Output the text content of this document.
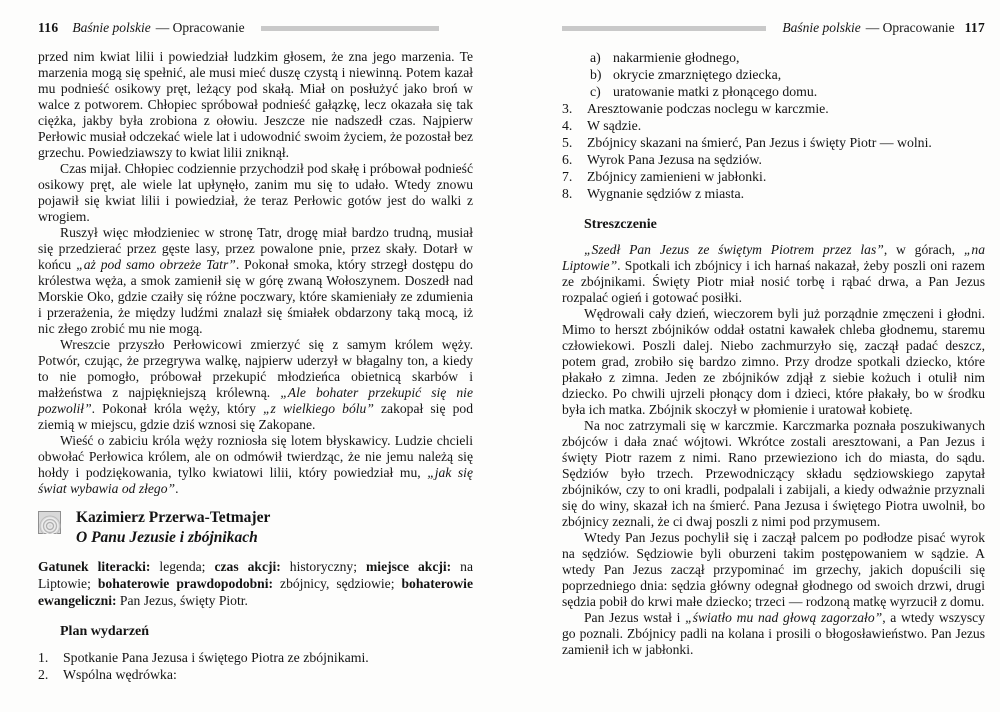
116 Baśnie polskie — Opracowanie

przed nim kwiat lilii i powiedział ludzkim głosem, że zna jego marzenia. Te marzenia mogą się spełnić, ale musi mieć duszę czystą i niewinną. Potem kazał mu podnieść osikowy pręt, leżący pod skałą. Miał on posłużyć jako broń w walce z potworem. Chłopiec spróbował podnieść gałązkę, lecz okazała się tak ciężka, jakby była zrobiona z ołowiu. Jeszcze nie nadszedł czas. Najpierw Perłowic musiał odczekać wiele lat i udowodnić swoim życiem, że pozostał bez grzechu. Powiedziawszy to kwiat lilii zniknął.

Czas mijał. Chłopiec codziennie przychodził pod skałę i próbował podnieść osikowy pręt, ale wiele lat upłynęło, zanim mu się to udało. Wtedy znowu pojawił się kwiat lilii i powiedział, że teraz Perłowic gotów jest do walki z wrogiem.

Ruszył więc młodzieniec w stronę Tatr, drogę miał bardzo trudną, musiał się przedzierać przez gęste lasy, przez powalone pnie, przez skały. Dotarł w końcu „aż pod samo obrzeże Tatr”. Pokonał smoka, który strzegł dostępu do królestwa węża, a smok zamienił się w górę zwaną Wołoszynem. Doszedł nad Morskie Oko, gdzie czaiły się różne poczwary, które skamieniały ze zdumienia i przerażenia, że między ludźmi znalazł się śmiałek obdarzony taką mocą, iż nic złego zrobić mu nie mogą.

Wreszcie przyszło Perłowicowi zmierzyć się z samym królem węży. Potwór, czując, że przegrywa walkę, najpierw uderzył w błagalny ton, a kiedy to nie pomogło, próbował przekupić młodzieńca obietnicą skarbów i małżeństwa z najpiękniejszą królewną. „Ale bohater przekupić się nie pozwolił”. Pokonał króla węży, który „z wielkiego bólu” zakopał się pod ziemią w miejscu, gdzie dziś wznosi się Zakopane.

Wieść o zabiciu króla węży rozniosła się lotem błyskawicy. Ludzie chcieli obwołać Perłowica królem, ale on odmówił twierdząc, że nie jemu należą się hołdy i podziękowania, tylko kwiatowi lilii, który powiedział mu, „jak się świat wybawia od złego”.

Kazimierz Przerwa-Tetmajer
O Panu Jezusie i zbójnikach

Gatunek literacki: legenda; czas akcji: historyczny; miejsce akcji: na Liptowie; bohaterowie prawdopodobni: zbójnicy, sędziowie; bohaterowie ewangeliczni: Pan Jezus, święty Piotr.

Plan wydarzeń
1.	Spotkanie Pana Jezusa i świętego Piotra ze zbójnikami.
2.	Wspólna wędrówka:
Baśnie polskie — Opracowanie 117
a) nakarmienie głodnego,
b) okrycie zmarzniętego dziecka,
c) uratowanie matki z płonącego domu.
3.	Aresztowanie podczas noclegu w karczmie.
4.	W sądzie.
5.	Zbójnicy skazani na śmierć, Pan Jezus i święty Piotr — wolni.
6.	Wyrok Pana Jezusa na sędziów.
7.	Zbójnicy zamienieni w jabłonki.
8.	Wygnanie sędziów z miasta.
Streszczenie

„Szedł Pan Jezus ze świętym Piotrem przez las”, w górach, „na Liptowie”. Spotkali ich zbójnicy i ich harnaś nakazał, żeby poszli oni razem ze zbójnikami. Święty Piotr miał nosić torbę i rąbać drwa, a Pan Jezus rozpalać ogień i gotować posiłki.

Wędrowali cały dzień, wieczorem byli już porządnie zmęczeni i głodni. Mimo to herszt zbójników oddał ostatni kawałek chleba głodnemu, staremu człowiekowi. Poszli dalej. Niebo zachmurzyło się, zaczął padać deszcz, potem grad, zrobiło się bardzo zimno. Przy drodze spotkali dziecko, które płakało z zimna. Jeden ze zbójników zdjął z siebie kożuch i otulił nim dziecko. Po chwili ujrzeli płonący dom i dzieci, które płakały, bo w środku była ich matka. Zbójnik skoczył w płomienie i uratował kobietę.

Na noc zatrzymali się w karczmie. Karczmarka poznała poszukiwanych zbójców i dała znać wójtowi. Wkrótce zostali aresztowani, a Pan Jezus i święty Piotr razem z nimi. Rano przewieziono ich do miasta, do sądu. Sędziów było trzech. Przewodniczący składu sędziowskiego zapytał zbójników, czy to oni kradli, podpalali i zabijali, a kiedy odważnie przyznali się do winy, skazał ich na śmierć. Pana Jezusa i świętego Piotra uwolnił, bo zbójnicy zeznali, że ci dwaj poszli z nimi pod przymusem.

Wtedy Pan Jezus pochylił się i zaczął palcem po podłodze pisać wyrok na sędziów. Sędziowie byli oburzeni takim postępowaniem w sądzie. A wtedy Pan Jezus zaczął przypominać im grzechy, jakich dopuścili się poprzedniego dnia: sędzia główny odegnał głodnego od swoich drzwi, drugi sędzia pobił do krwi małe dziecko; trzeci — rodzoną matkę wyrzucił z domu.

Pan Jezus wstał i „światło mu nad głową zagorzało”, a wtedy wszyscy go poznali. Zbójnicy padli na kolana i prosili o błogosławieństwo. Pan Jezus zamienił ich w jabłonki.
